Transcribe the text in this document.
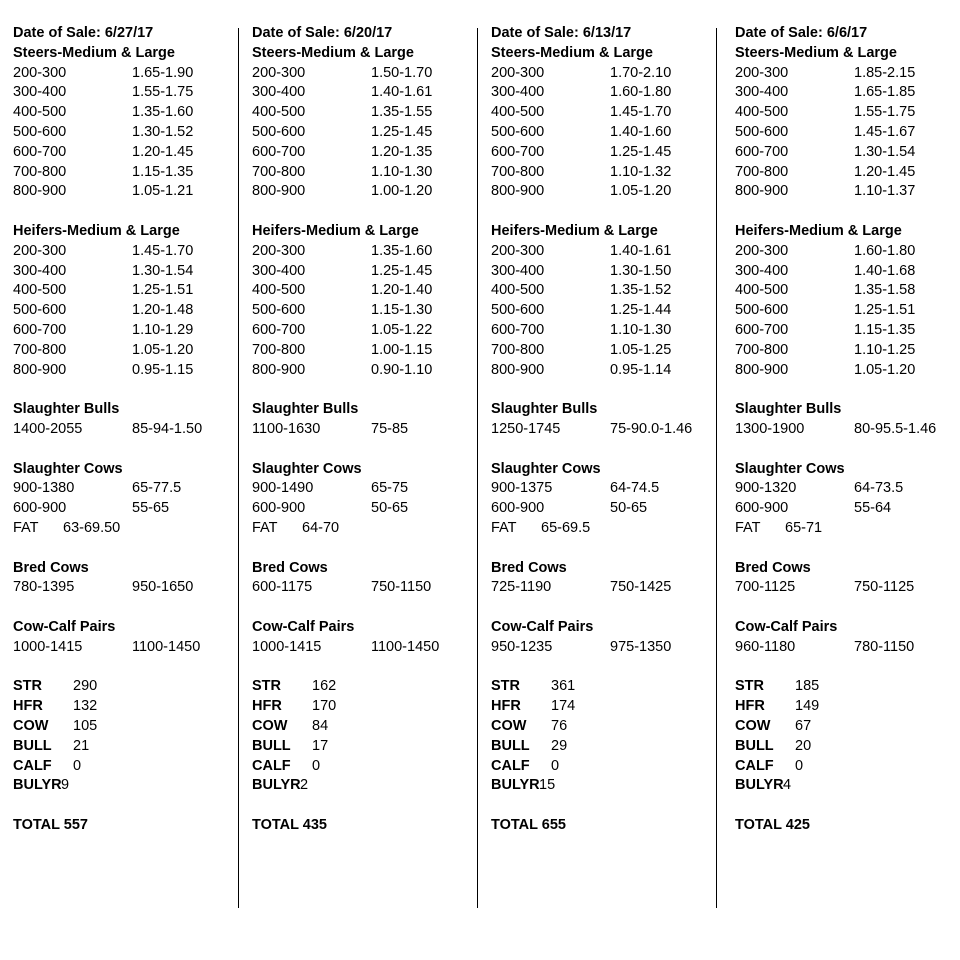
Date of Sale: 6/27/17
Steers-Medium & Large
200-300	1.65-1.90
300-400	1.55-1.75
400-500	1.35-1.60
500-600	1.30-1.52
600-700	1.20-1.45
700-800	1.15-1.35
800-900	1.05-1.21
Heifers-Medium & Large
200-300	1.45-1.70
300-400	1.30-1.54
400-500	1.25-1.51
500-600	1.20-1.48
600-700	1.10-1.29
700-800	1.05-1.20
800-900	0.95-1.15
Slaughter Bulls
1400-2055	85-94-1.50
Slaughter Cows
900-1380	65-77.5
600-900	55-65
FAT 63-69.50
Bred Cows
780-1395	950-1650
Cow-Calf Pairs
1000-1415	1100-1450
STR 290
HFR 132
COW 105
BULL 21
CALF 0
BULYR 9
TOTAL 557
Date of Sale: 6/20/17
Steers-Medium & Large
200-300	1.50-1.70
300-400	1.40-1.61
400-500	1.35-1.55
500-600	1.25-1.45
600-700	1.20-1.35
700-800	1.10-1.30
800-900	1.00-1.20
Heifers-Medium & Large
200-300	1.35-1.60
300-400	1.25-1.45
400-500	1.20-1.40
500-600	1.15-1.30
600-700	1.05-1.22
700-800	1.00-1.15
800-900	0.90-1.10
Slaughter Bulls
1100-1630	75-85
Slaughter Cows
900-1490	65-75
600-900	50-65
FAT 64-70
Bred Cows
600-1175	750-1150
Cow-Calf Pairs
1000-1415	1100-1450
STR 162
HFR 170
COW 84
BULL 17
CALF 0
BULYR 2
TOTAL 435
Date of Sale: 6/13/17
Steers-Medium & Large
200-300	1.70-2.10
300-400	1.60-1.80
400-500	1.45-1.70
500-600	1.40-1.60
600-700	1.25-1.45
700-800	1.10-1.32
800-900	1.05-1.20
Heifers-Medium & Large
200-300	1.40-1.61
300-400	1.30-1.50
400-500	1.35-1.52
500-600	1.25-1.44
600-700	1.10-1.30
700-800	1.05-1.25
800-900	0.95-1.14
Slaughter Bulls
1250-1745	75-90.0-1.46
Slaughter Cows
900-1375	64-74.5
600-900	50-65
FAT 65-69.5
Bred Cows
725-1190	750-1425
Cow-Calf Pairs
950-1235	975-1350
STR 361
HFR 174
COW 76
BULL 29
CALF 0
BULYR 15
TOTAL 655
Date of Sale: 6/6/17
Steers-Medium & Large
200-300	1.85-2.15
300-400	1.65-1.85
400-500	1.55-1.75
500-600	1.45-1.67
600-700	1.30-1.54
700-800	1.20-1.45
800-900	1.10-1.37
Heifers-Medium & Large
200-300	1.60-1.80
300-400	1.40-1.68
400-500	1.35-1.58
500-600	1.25-1.51
600-700	1.15-1.35
700-800	1.10-1.25
800-900	1.05-1.20
Slaughter Bulls
1300-1900	80-95.5-1.46
Slaughter Cows
900-1320	64-73.5
600-900	55-64
FAT 65-71
Bred Cows
700-1125	750-1125
Cow-Calf Pairs
960-1180	780-1150
STR 185
HFR 149
COW 67
BULL 20
CALF 0
BULYR 4
TOTAL 425
